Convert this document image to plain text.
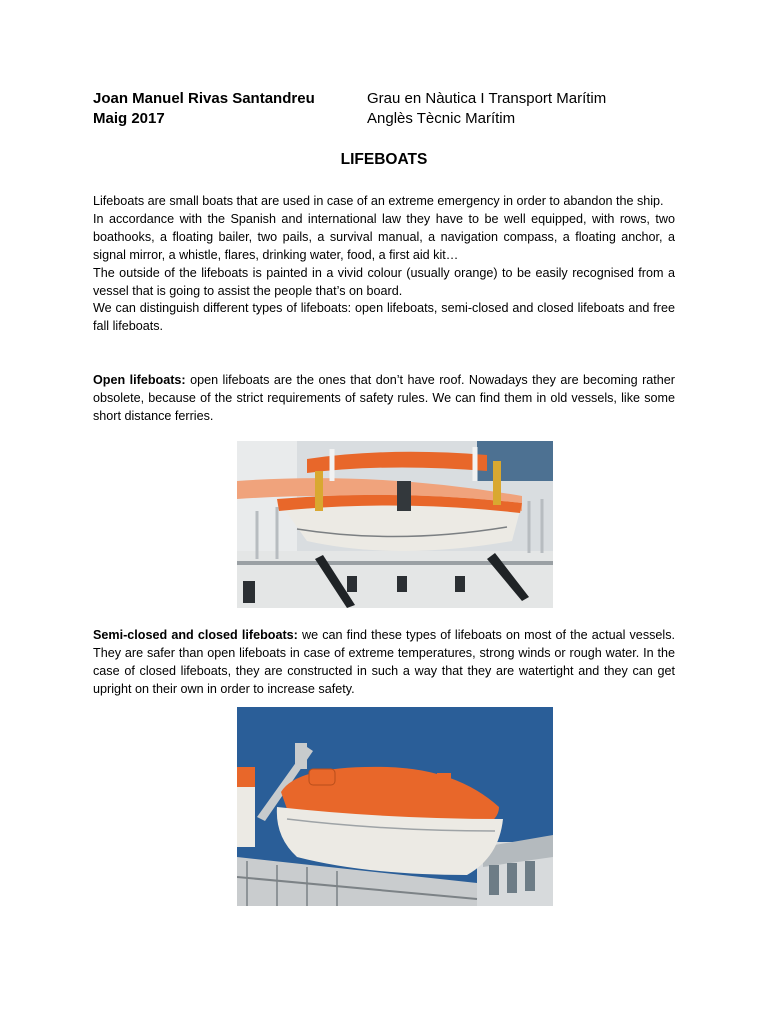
Joan Manuel Rivas Santandreu
Maig 2017
Grau en Nàutica I Transport Marítim
Anglès Tècnic Marítim
LIFEBOATS

Lifeboats are small boats that are used in case of an extreme emergency in order to abandon the ship.

In accordance with the Spanish and international law they have to be well equipped, with rows, two boathooks, a floating bailer, two pails, a survival manual, a navigation compass, a floating anchor, a signal mirror, a whistle, flares, drinking water, food, a first aid kit…

The outside of the lifeboats is painted in a vivid colour (usually orange) to be easily recognised from a vessel that is going to assist the people that’s on board.

We can distinguish different types of lifeboats: open lifeboats, semi-closed and closed lifeboats and free fall lifeboats.

Open lifeboats: open lifeboats are the ones that don’t have roof. Nowadays they are becoming rather obsolete, because of the strict requirements of safety rules. We can find them in old vessels, like some short distance ferries.

Semi-closed and closed lifeboats: we can find these types of lifeboats on most of the actual vessels. They are safer than open lifeboats in case of extreme temperatures, strong winds or rough water. In the case of closed lifeboats, they are constructed in such a way that they are watertight and they can get upright on their own in order to increase safety.
